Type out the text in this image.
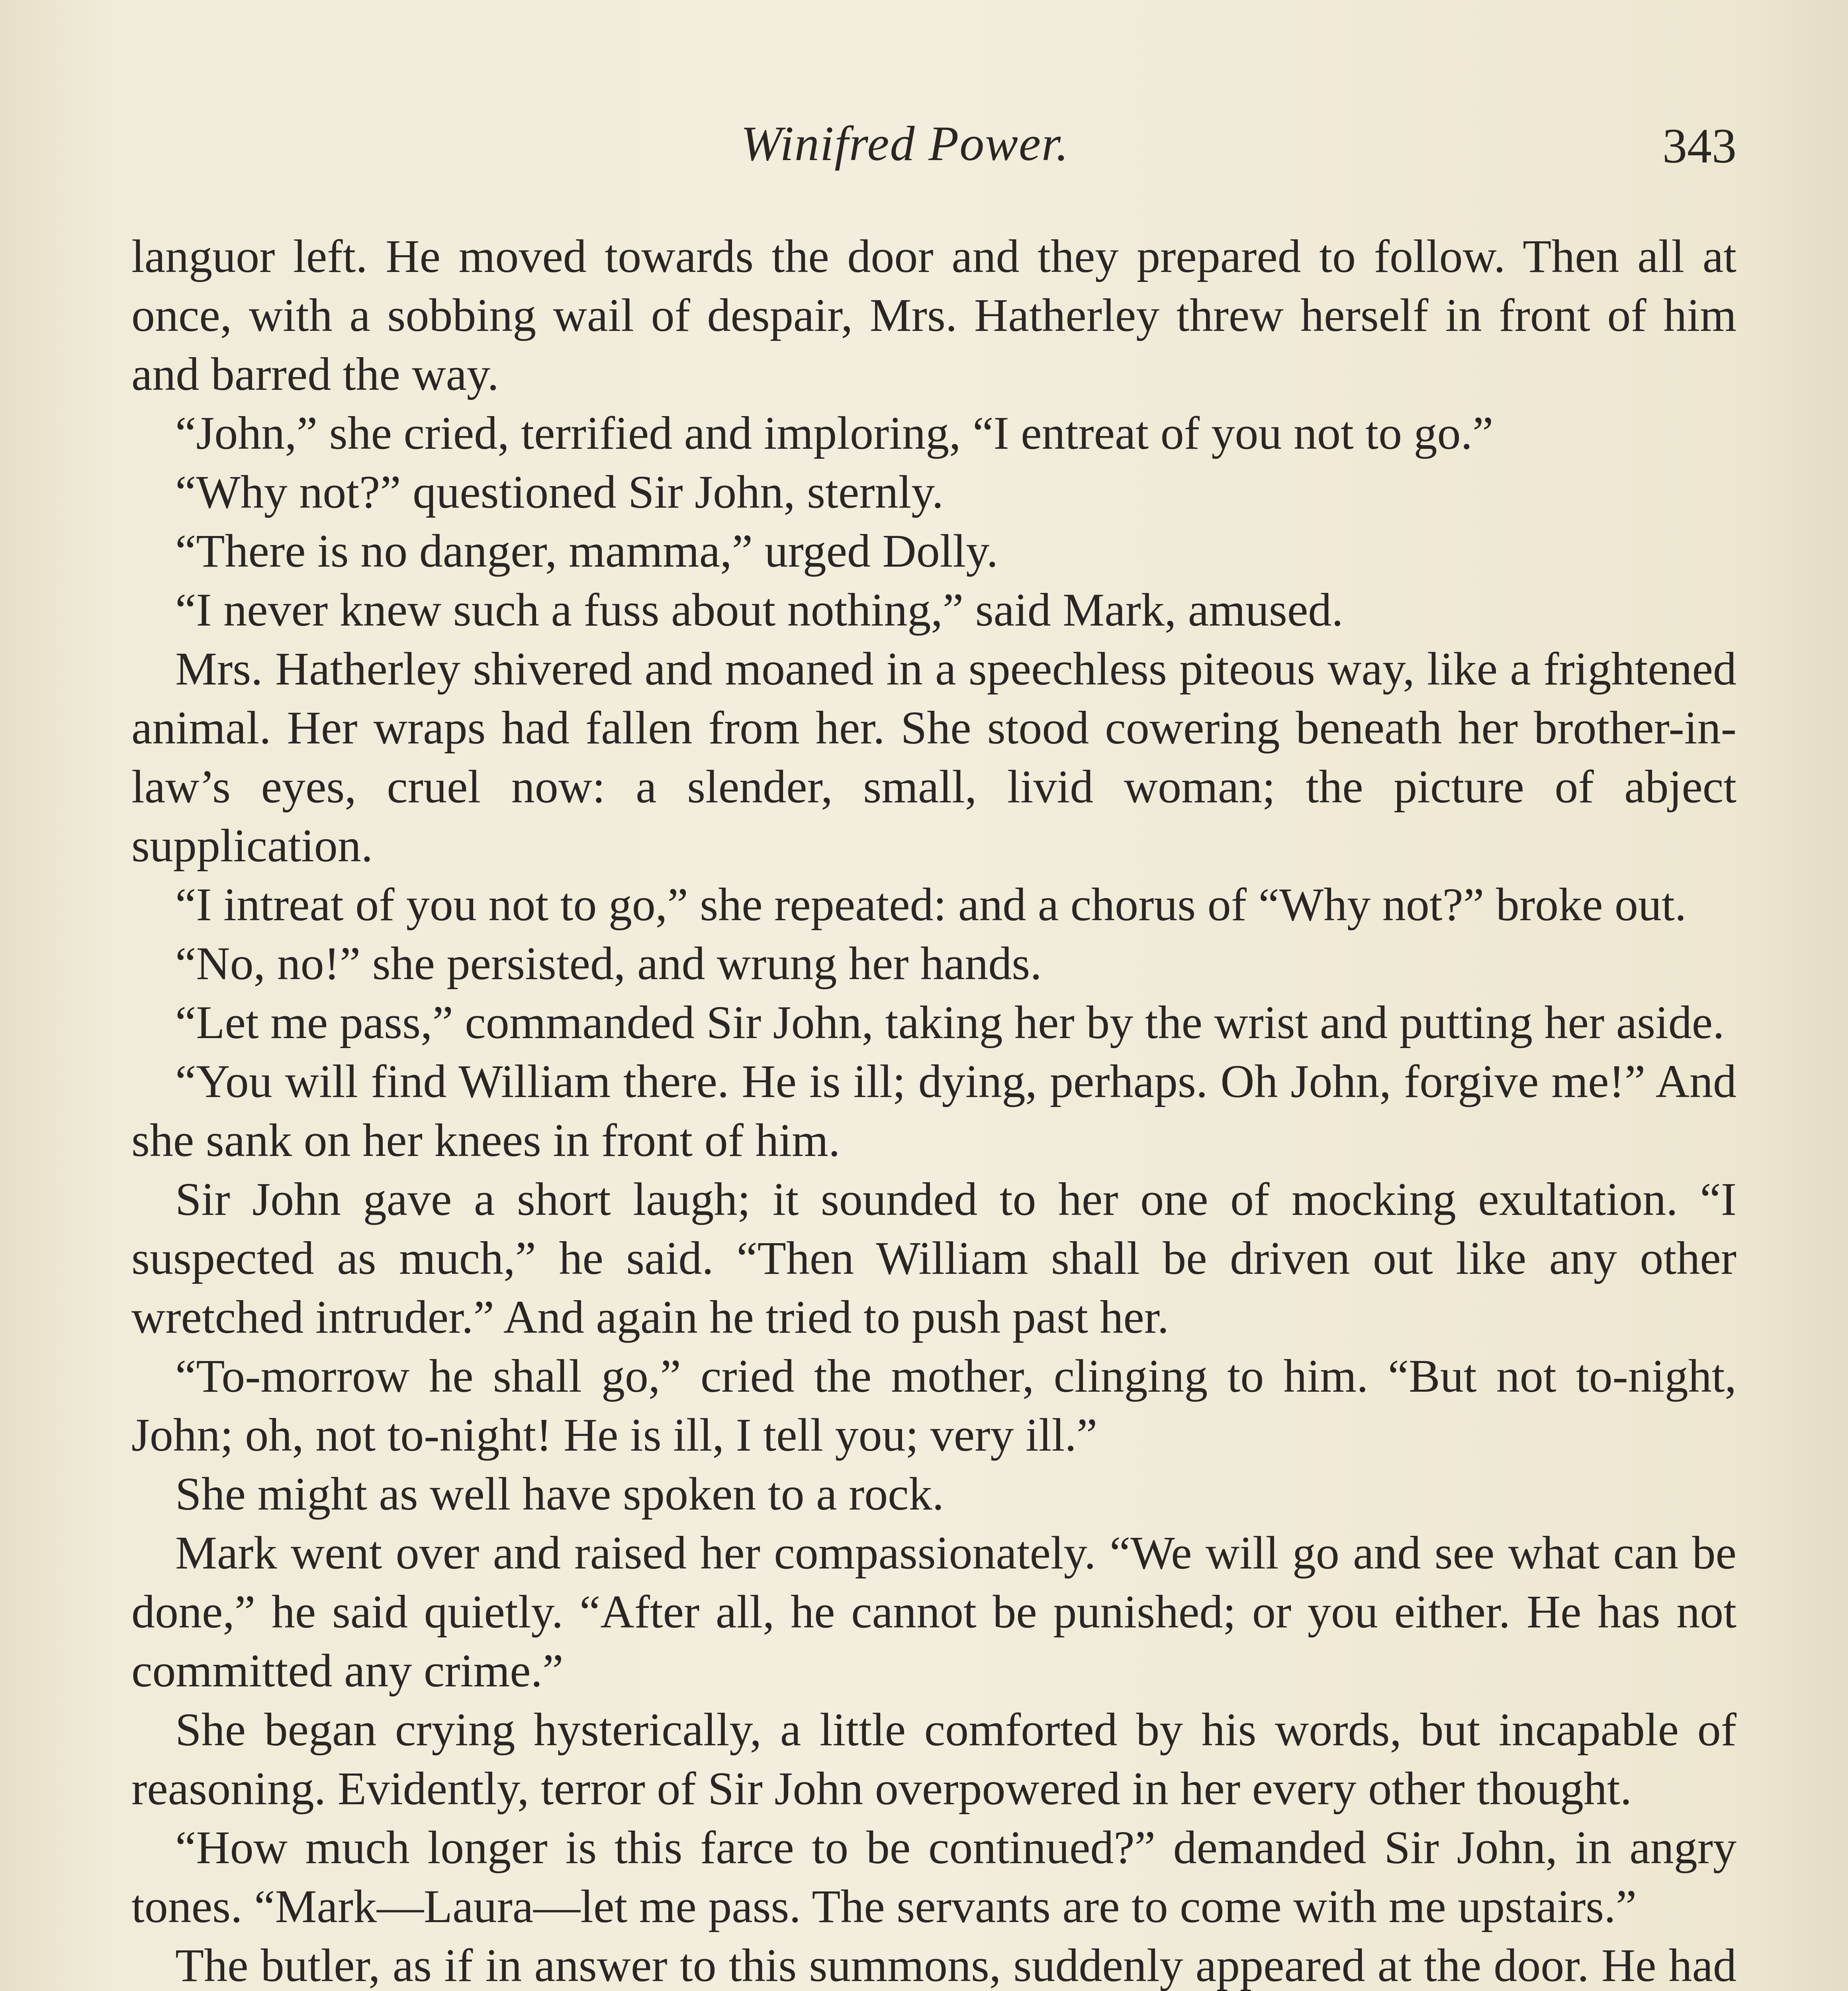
Winifred Power.	343

languor left. He moved towards the door and they prepared to follow. Then all at once, with a sobbing wail of despair, Mrs. Hatherley threw herself in front of him and barred the way.

“John,” she cried, terrified and imploring, “I entreat of you not to go.”

“Why not?” questioned Sir John, sternly.

“There is no danger, mamma,” urged Dolly.

“I never knew such a fuss about nothing,” said Mark, amused.

Mrs. Hatherley shivered and moaned in a speechless piteous way, like a frightened animal. Her wraps had fallen from her. She stood cowering beneath her brother-in-law’s eyes, cruel now: a slender, small, livid woman; the picture of abject supplication.

“I intreat of you not to go,” she repeated: and a chorus of “Why not?” broke out.

“No, no!” she persisted, and wrung her hands.

“Let me pass,” commanded Sir John, taking her by the wrist and putting her aside.

“You will find William there. He is ill; dying, perhaps. Oh John, forgive me!” And she sank on her knees in front of him.

Sir John gave a short laugh; it sounded to her one of mocking exultation. “I suspected as much,” he said. “Then William shall be driven out like any other wretched intruder.” And again he tried to push past her.

“To-morrow he shall go,” cried the mother, clinging to him. “But not to-night, John; oh, not to-night! He is ill, I tell you; very ill.”

She might as well have spoken to a rock.

Mark went over and raised her compassionately. “We will go and see what can be done,” he said quietly. “After all, he cannot be punished; or you either. He has not committed any crime.”

She began crying hysterically, a little comforted by his words, but incapable of reasoning. Evidently, terror of Sir John overpowered in her every other thought.

“How much longer is this farce to be continued?” demanded Sir John, in angry tones. “Mark—Laura—let me pass. The servants are to come with me upstairs.”

The butler, as if in answer to this summons, suddenly appeared at the door. He had
